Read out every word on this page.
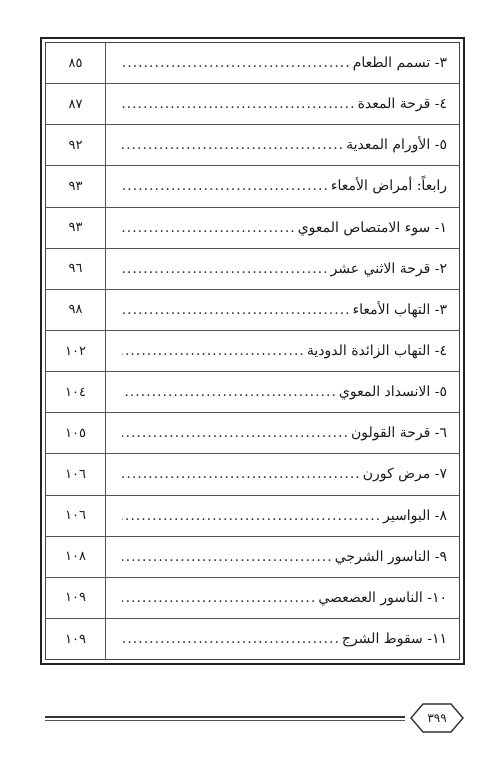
٨٥	٣- تسمم الطعام
.....
٨٧	٤- قرحة المعدة
.....
٩٢	٥- الأورام المعدية
.....
٩٣	رابعاً: أمراض الأمعاء
.....
٩٣	١- سوء الامتصاص المعوي
.....
٩٦	٢- قرحة الاثني عشر
.....
٩٨	٣- التهاب الأمعاء
.....
١٠٢	٤- التهاب الزائدة الدودية
.....
١٠٤	٥- الانسداد المعوي
.....
١٠٥	٦- قرحة القولون
.....
١٠٦	٧- مرض كورن
.....
١٠٦	٨- البواسير
.....
١٠٨	٩- الناسور الشرجي
.....
١٠٩	١٠- الناسور العصعصي
.....
١٠٩	١١- سقوط الشرج
.....
٣٩٩
